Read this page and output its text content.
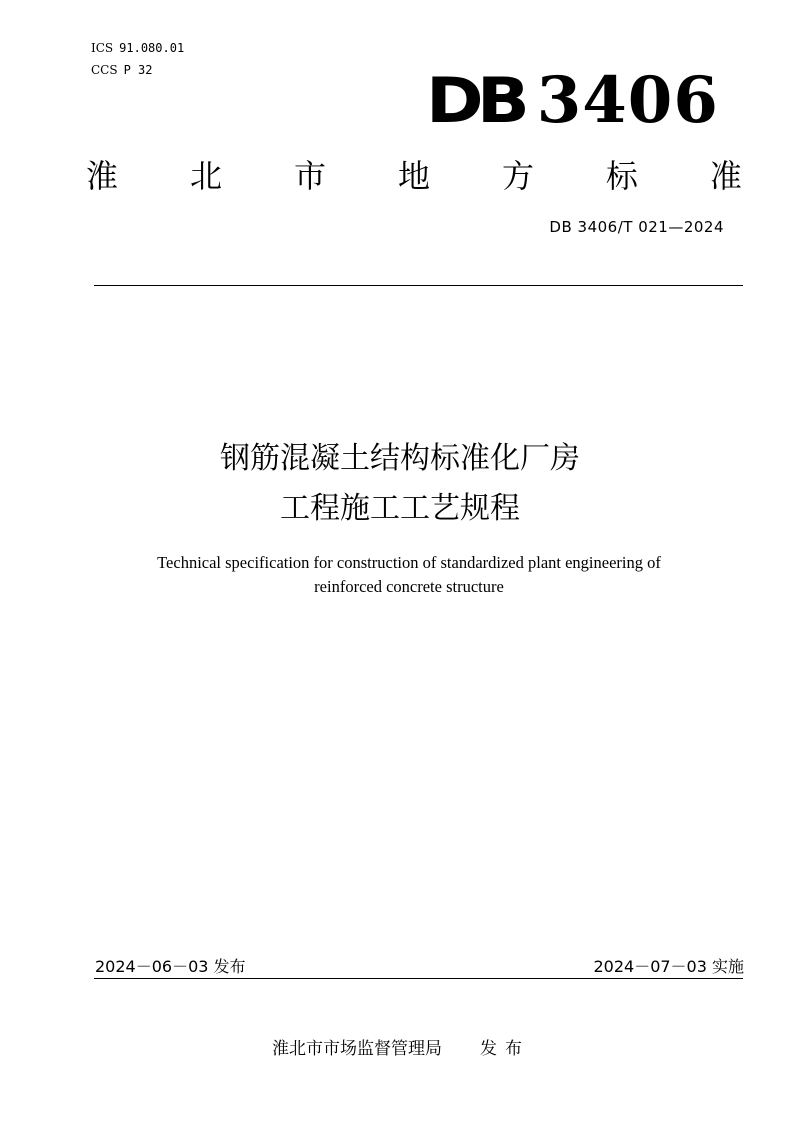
ICS 91.080.01
CCS P 32	DB 3406
淮 北 市 地 方 标 准
DB 3406/T 021—2024
钢筋混凝土结构标准化厂房
工程施工工艺规程
Technical specification for construction of standardized plant engineering of
reinforced concrete structure
2024－06－03 发布	2024－07－03 实施
淮北市市场监督管理局 发布
